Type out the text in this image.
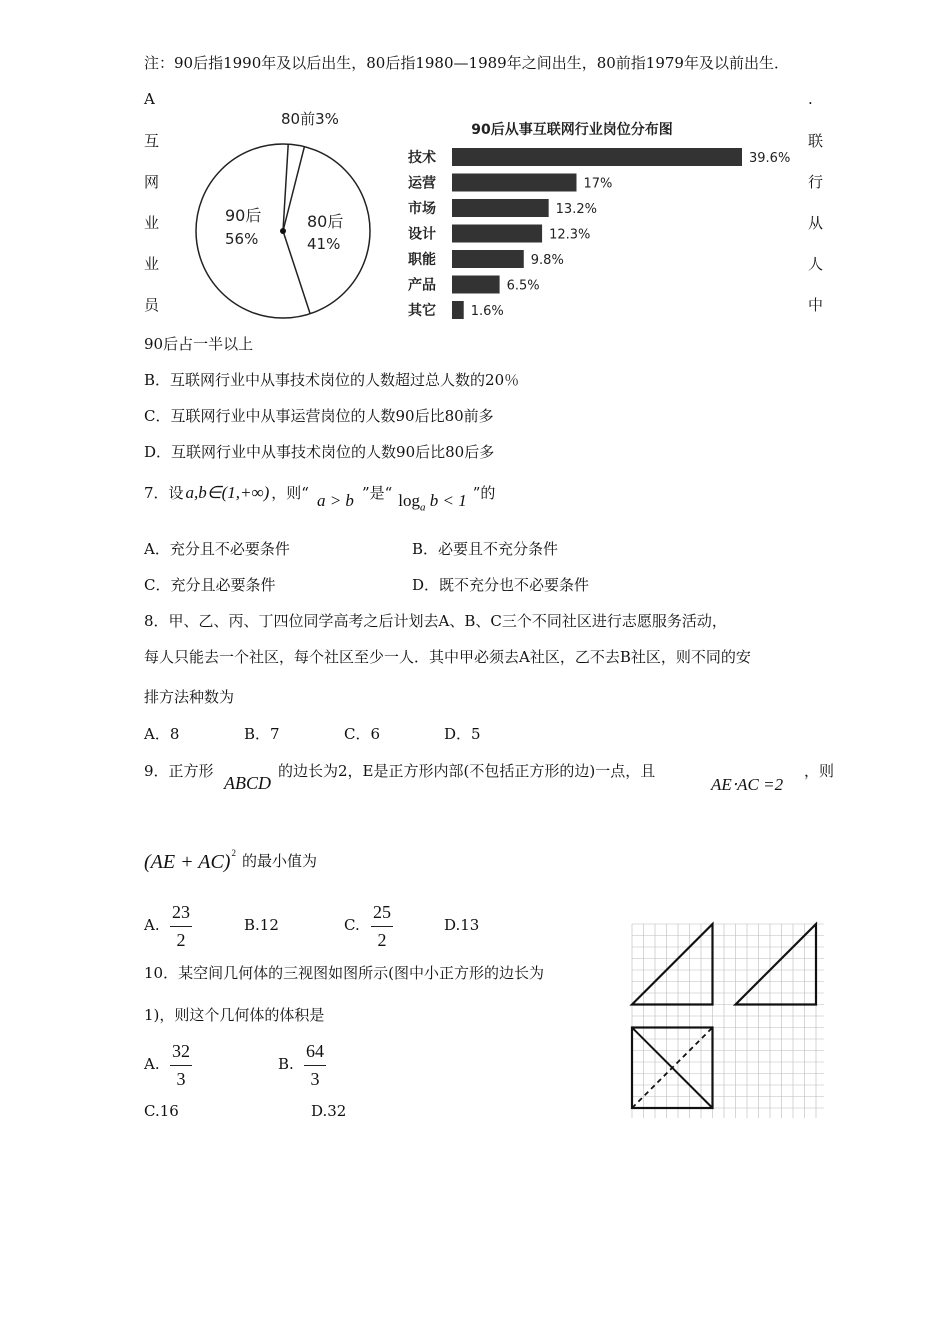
注：90后指1990年及以后出生，80后指1980—1989年之间出生，80前指1979年及以前出生．
A	.
互
网
业
业
员
联
行
从
人
中
90后
56%
80后
41%
80前3%
90后从事互联网行业岗位分布图
技术	39.6%
运营	17%
市场	13.2%
设计	12.3%
职能	9.8%
产品	6.5%
其它	1.6%
90后占一半以上
B．互联网行业中从事技术岗位的人数超过总人数的20％
C．互联网行业中从事运营岗位的人数90后比80前多
D．互联网行业中从事技术岗位的人数90后比80后多
7．设 a,b∈(1,+∞) ，则“ a > b ”是“ $\log_a b < 1$ ”的
A．充分且不必要条件	B．必要且不充分条件
C．充分且必要条件	D．既不充分也不必要条件
8．甲、乙、丙、丁四位同学高考之后计划去A、B、C三个不同社区进行志愿服务活动，
每人只能去一个社区，每个社区至少一人．其中甲必须去A社区，乙不去B社区，则不同的安
排方法种数为
A．8	B．7	C．6	D．5
9．正方形
ABCD
的边长为2，E是正方形内部(不包括正方形的边)一点，且
AE⋅AC =2
，则
(AE + AC) 2 的最小值为
A.
23
2
B.12	C.
25
2
D.13
10．某空间几何体的三视图如图所示(图中小正方形的边长为
1)，则这个几何体的体积是
A.
32
3
B.
64
3
C.16	D.32
